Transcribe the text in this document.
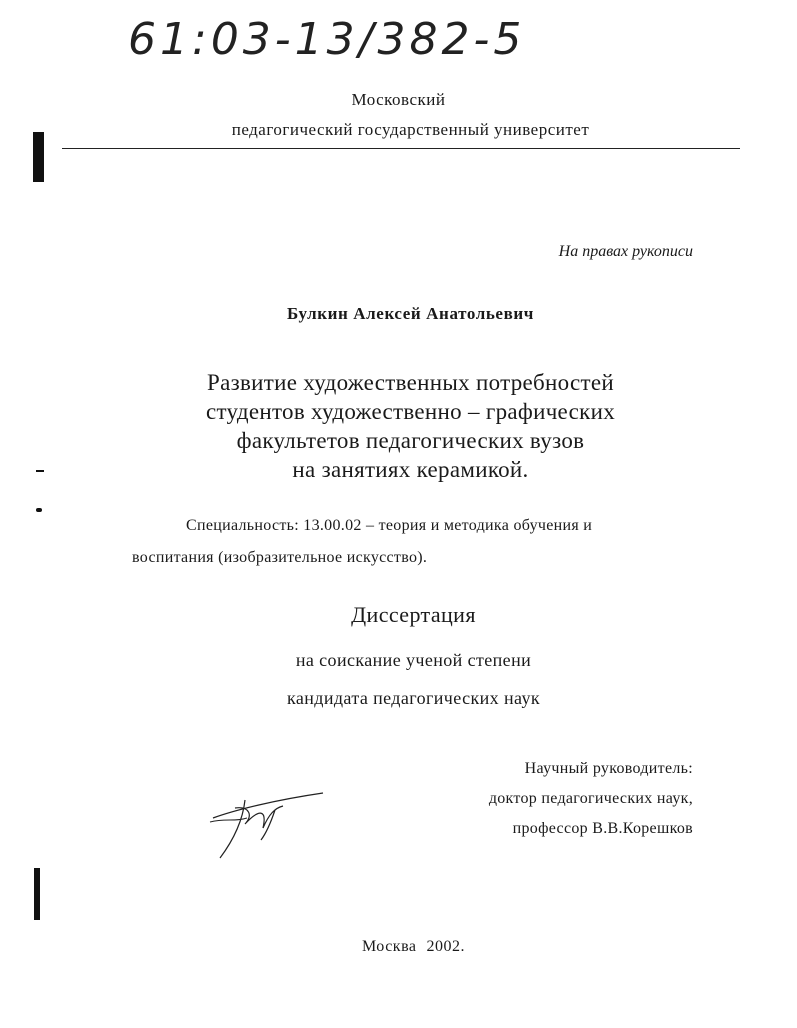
61:03-13/382-5
Московский
педагогический государственный университет
На правах рукописи
Булкин Алексей Анатольевич
Развитие художественных потребностей
студентов художественно – графических
факультетов педагогических вузов
на занятиях керамикой.
Специальность: 13.00.02 – теория и методика обучения и
воспитания (изобразительное искусство).
Диссертация
на соискание ученой степени
кандидата педагогических наук
Научный руководитель:
доктор педагогических наук,
профессор В.В.Корешков
Москва 2002.
